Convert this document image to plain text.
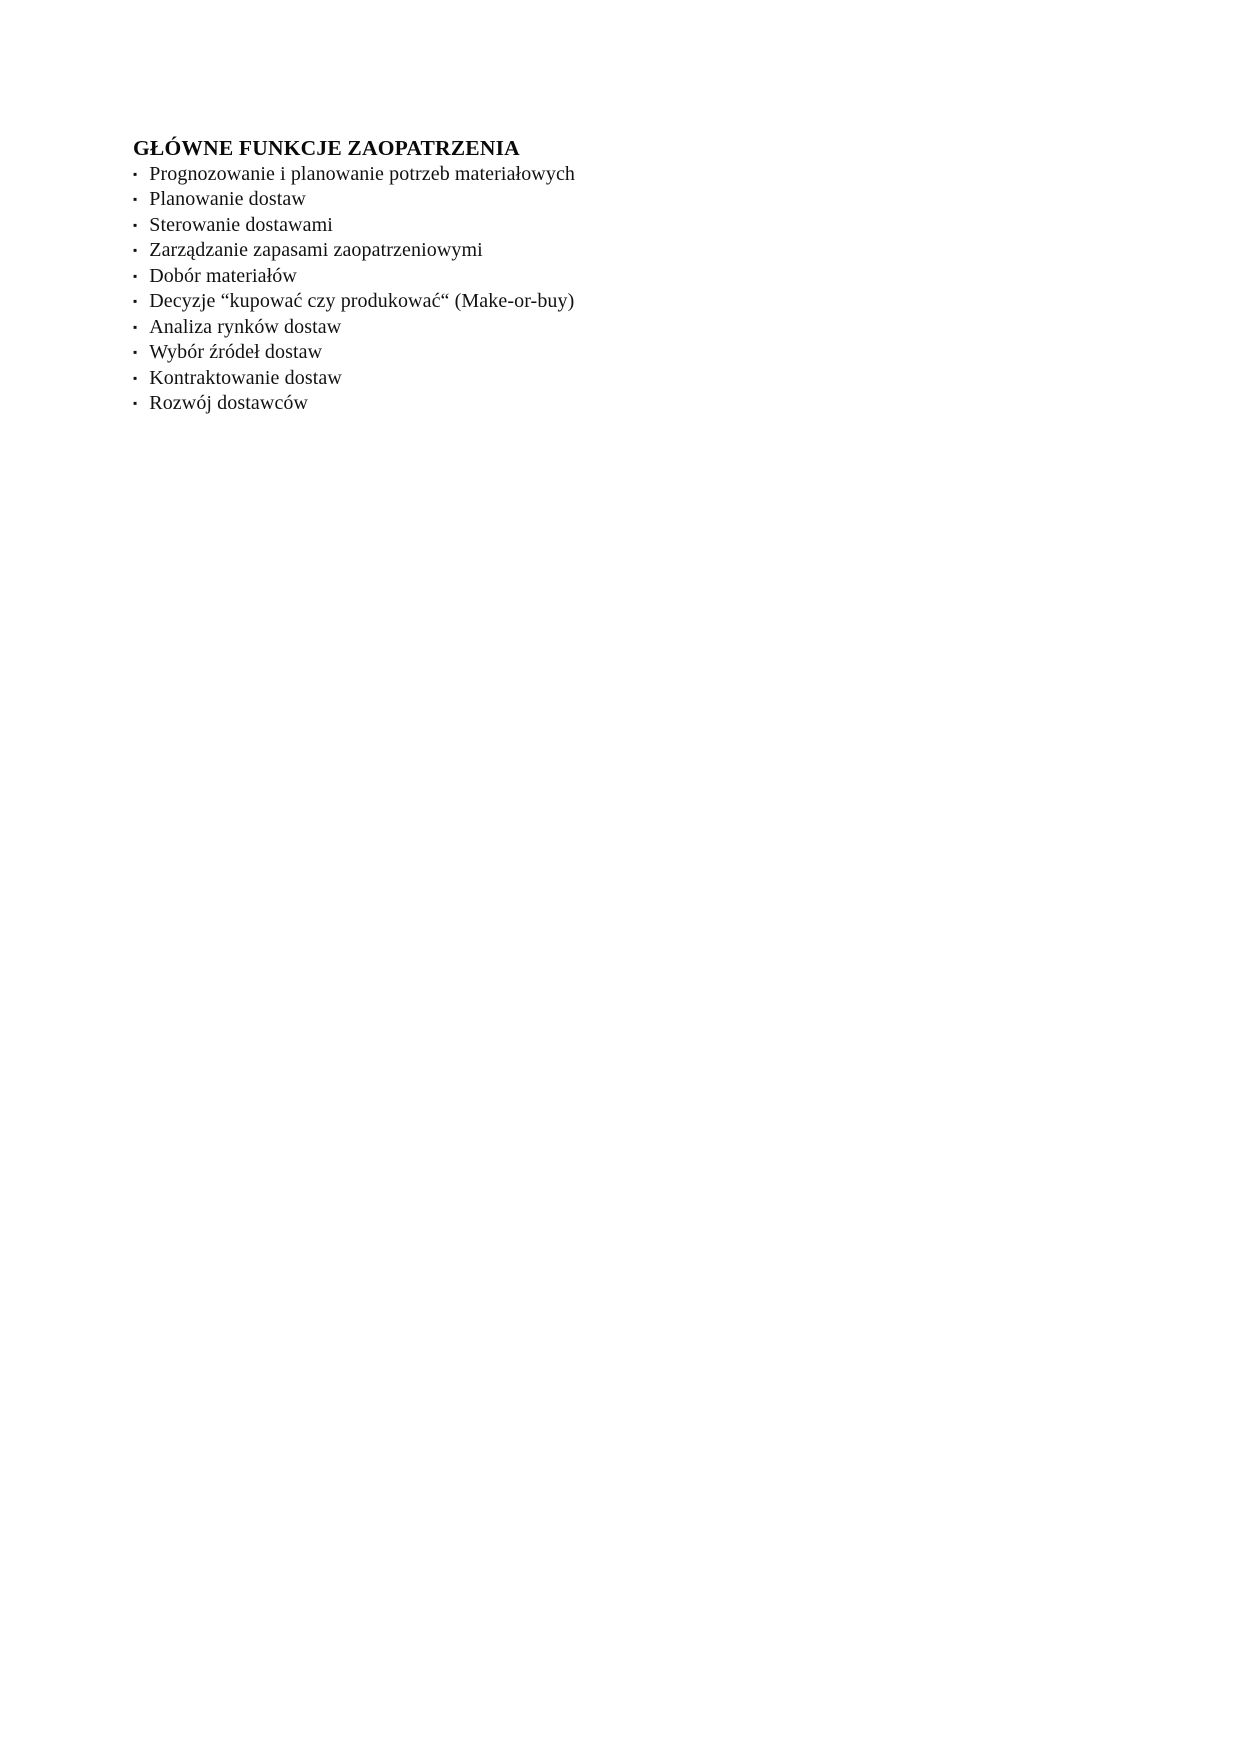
GŁÓWNE FUNKCJE ZAOPATRZENIA
▪ Prognozowanie i planowanie potrzeb materiałowych
▪ Planowanie dostaw
▪ Sterowanie dostawami
▪ Zarządzanie zapasami zaopatrzeniowymi
▪ Dobór materiałów
▪ Decyzje “kupować czy produkować“ (Make-or-buy)
▪ Analiza rynków dostaw
▪ Wybór źródeł dostaw
▪ Kontraktowanie dostaw
▪ Rozwój dostawców
